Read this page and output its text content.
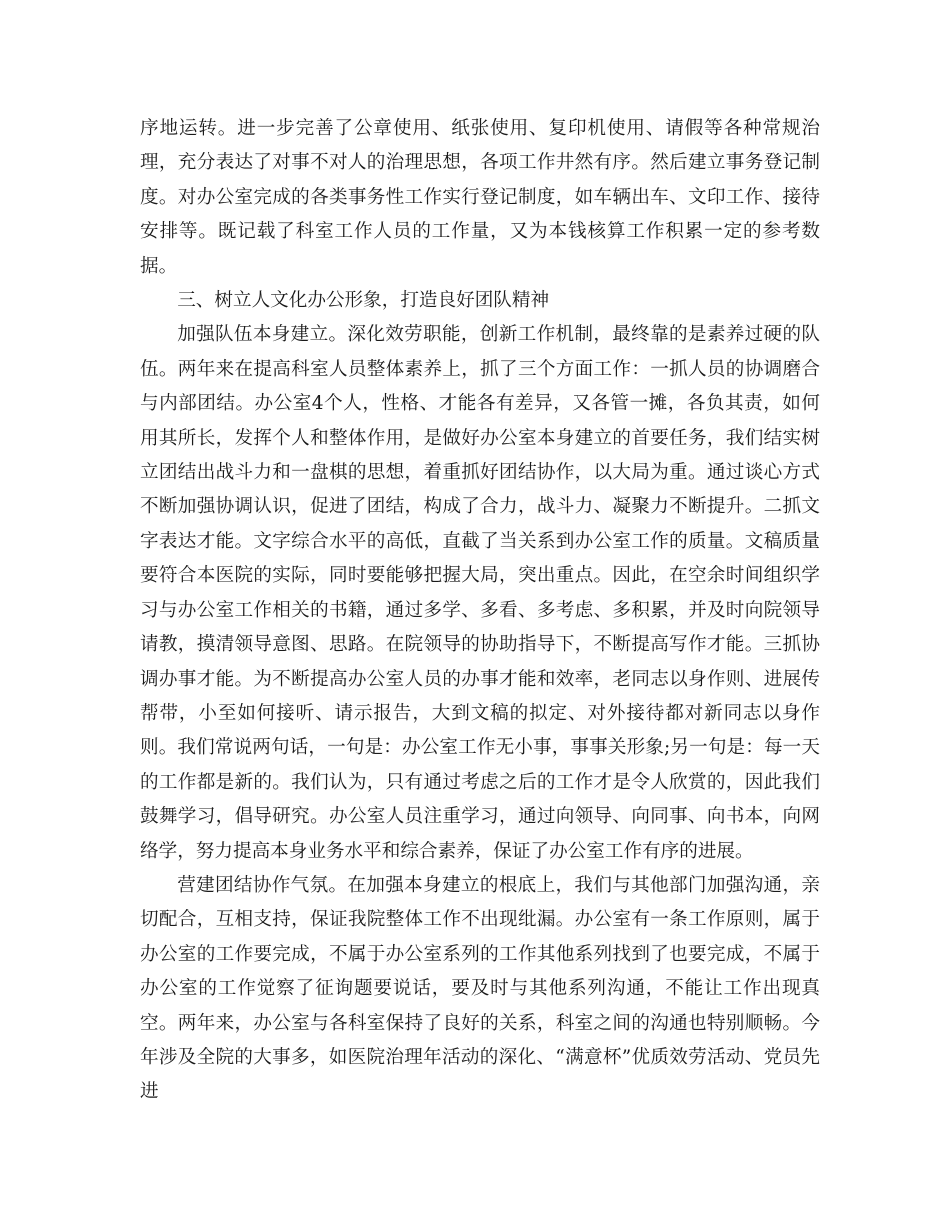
序地运转。进一步完善了公章使用、纸张使用、复印机使用、请假等各种常规治理，充分表达了对事不对人的治理思想，各项工作井然有序。然后建立事务登记制度。对办公室完成的各类事务性工作实行登记制度，如车辆出车、文印工作、接待安排等。既记载了科室工作人员的工作量，又为本钱核算工作积累一定的参考数据。

三、树立人文化办公形象，打造良好团队精神

加强队伍本身建立。深化效劳职能，创新工作机制，最终靠的是素养过硬的队伍。两年来在提高科室人员整体素养上，抓了三个方面工作：一抓人员的协调磨合与内部团结。办公室4个人，性格、才能各有差异，又各管一摊，各负其责，如何用其所长，发挥个人和整体作用，是做好办公室本身建立的首要任务，我们结实树立团结出战斗力和一盘棋的思想，着重抓好团结协作，以大局为重。通过谈心方式不断加强协调认识，促进了团结，构成了合力，战斗力、凝聚力不断提升。二抓文字表达才能。文字综合水平的高低，直截了当关系到办公室工作的质量。文稿质量要符合本医院的实际，同时要能够把握大局，突出重点。因此，在空余时间组织学习与办公室工作相关的书籍，通过多学、多看、多考虑、多积累，并及时向院领导请教，摸清领导意图、思路。在院领导的协助指导下，不断提高写作才能。三抓协调办事才能。为不断提高办公室人员的办事才能和效率，老同志以身作则、进展传帮带，小至如何接听、请示报告，大到文稿的拟定、对外接待都对新同志以身作则。我们常说两句话，一句是：办公室工作无小事，事事关形象;另一句是：每一天的工作都是新的。我们认为，只有通过考虑之后的工作才是令人欣赏的，因此我们鼓舞学习，倡导研究。办公室人员注重学习，通过向领导、向同事、向书本，向网络学，努力提高本身业务水平和综合素养，保证了办公室工作有序的进展。

营建团结协作气氛。在加强本身建立的根底上，我们与其他部门加强沟通，亲切配合，互相支持，保证我院整体工作不出现纰漏。办公室有一条工作原则，属于办公室的工作要完成，不属于办公室系列的工作其他系列找到了也要完成，不属于办公室的工作觉察了征询题要说话，要及时与其他系列沟通，不能让工作出现真空。两年来，办公室与各科室保持了良好的关系，科室之间的沟通也特别顺畅。今年涉及全院的大事多，如医院治理年活动的深化、“满意杯”优质效劳活动、党员先进
